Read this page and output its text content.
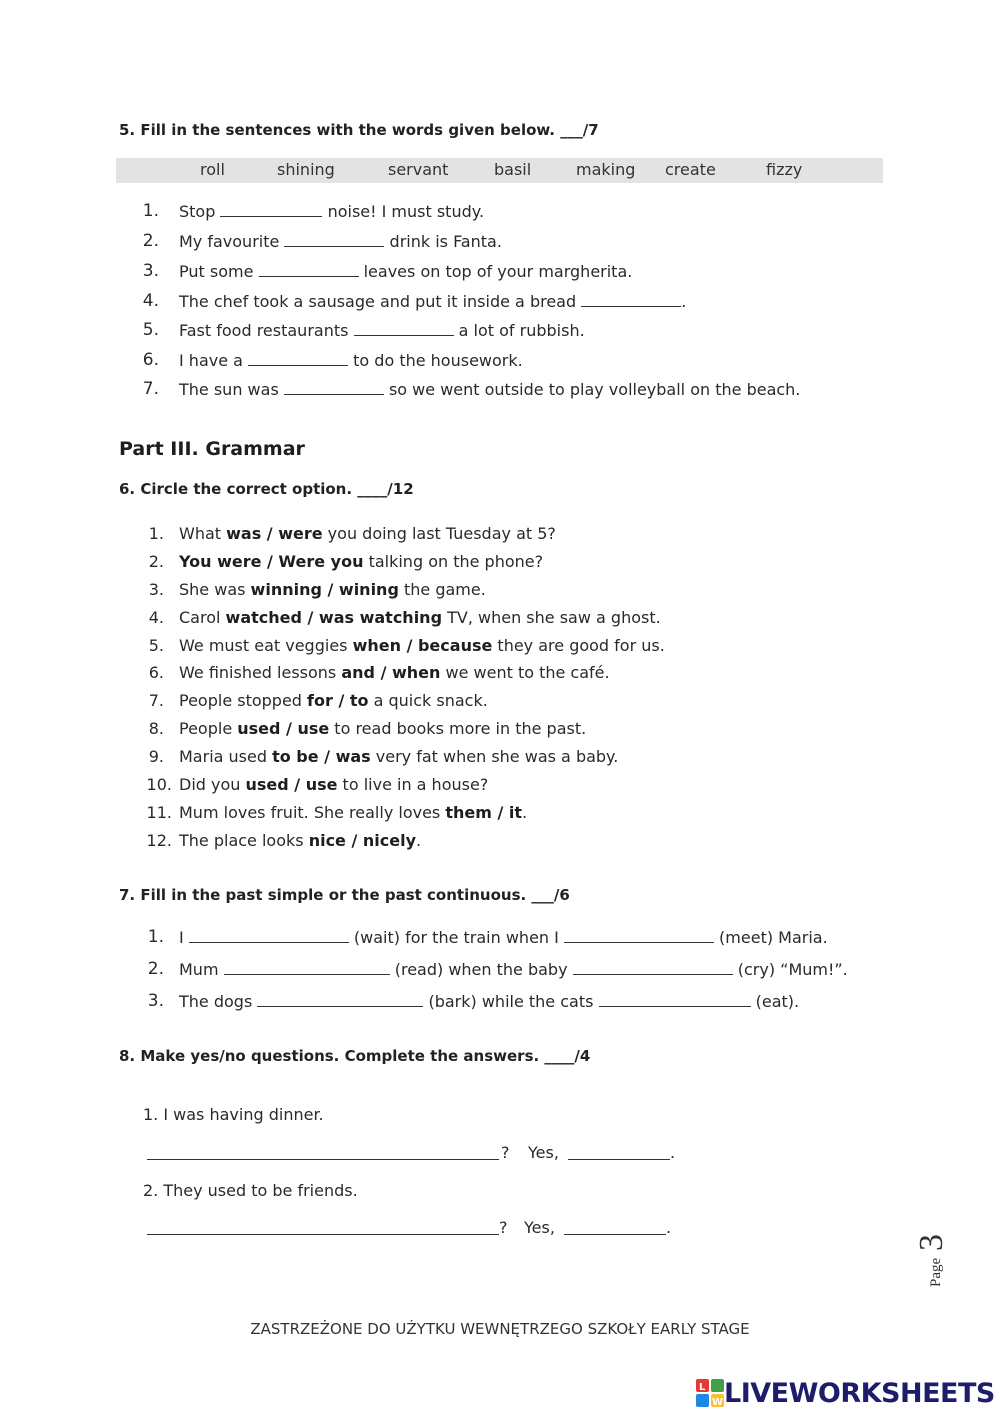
5. Fill in the sentences with the words given below. ___/7
roll	shining	servant	basil	making create	fizzy
1. Stop	noise! I must study.
2. My favourite	drink is Fanta.
3. Put some	leaves on top of your margherita.
4. The chef took a sausage and put it inside a bread	.
5. Fast food restaurants	a lot of rubbish.
6. I have a	to do the housework.
7. The sun was	so we went outside to play volleyball on the beach.
Part III. Grammar
6. Circle the correct option. ____/12
1. What was / were you doing last Tuesday at 5?
2. You were / Were you talking on the phone?
3. She was winning / wining the game.
4. Carol watched / was watching TV, when she saw a ghost.
5. We must eat veggies when / because they are good for us.
6. We finished lessons and / when we went to the café.
7. People stopped for / to a quick snack.
8. People used / use to read books more in the past.
9. Maria used to be / was very fat when she was a baby.
10. Did you used / use to live in a house?
11. Mum loves fruit. She really loves them / it.
12. The place looks nice / nicely.
7. Fill in the past simple or the past continuous. ___/6
1. I	(wait) for the train when I	(meet) Maria.
2. Mum	(read) when the baby	(cry) “Mum!”.
3. The dogs	(bark) while the cats	(eat).
8. Make yes/no questions. Complete the answers. ____/4
1. I was having dinner.
? Yes,	.
2. They used to be friends.
? Yes,	.
Page
3
ZASTRZEŻONE DO UŻYTKU WEWNĘTRZEGO SZKOŁY EARLY STAGE
L
W LIVEWORKSHEETS
